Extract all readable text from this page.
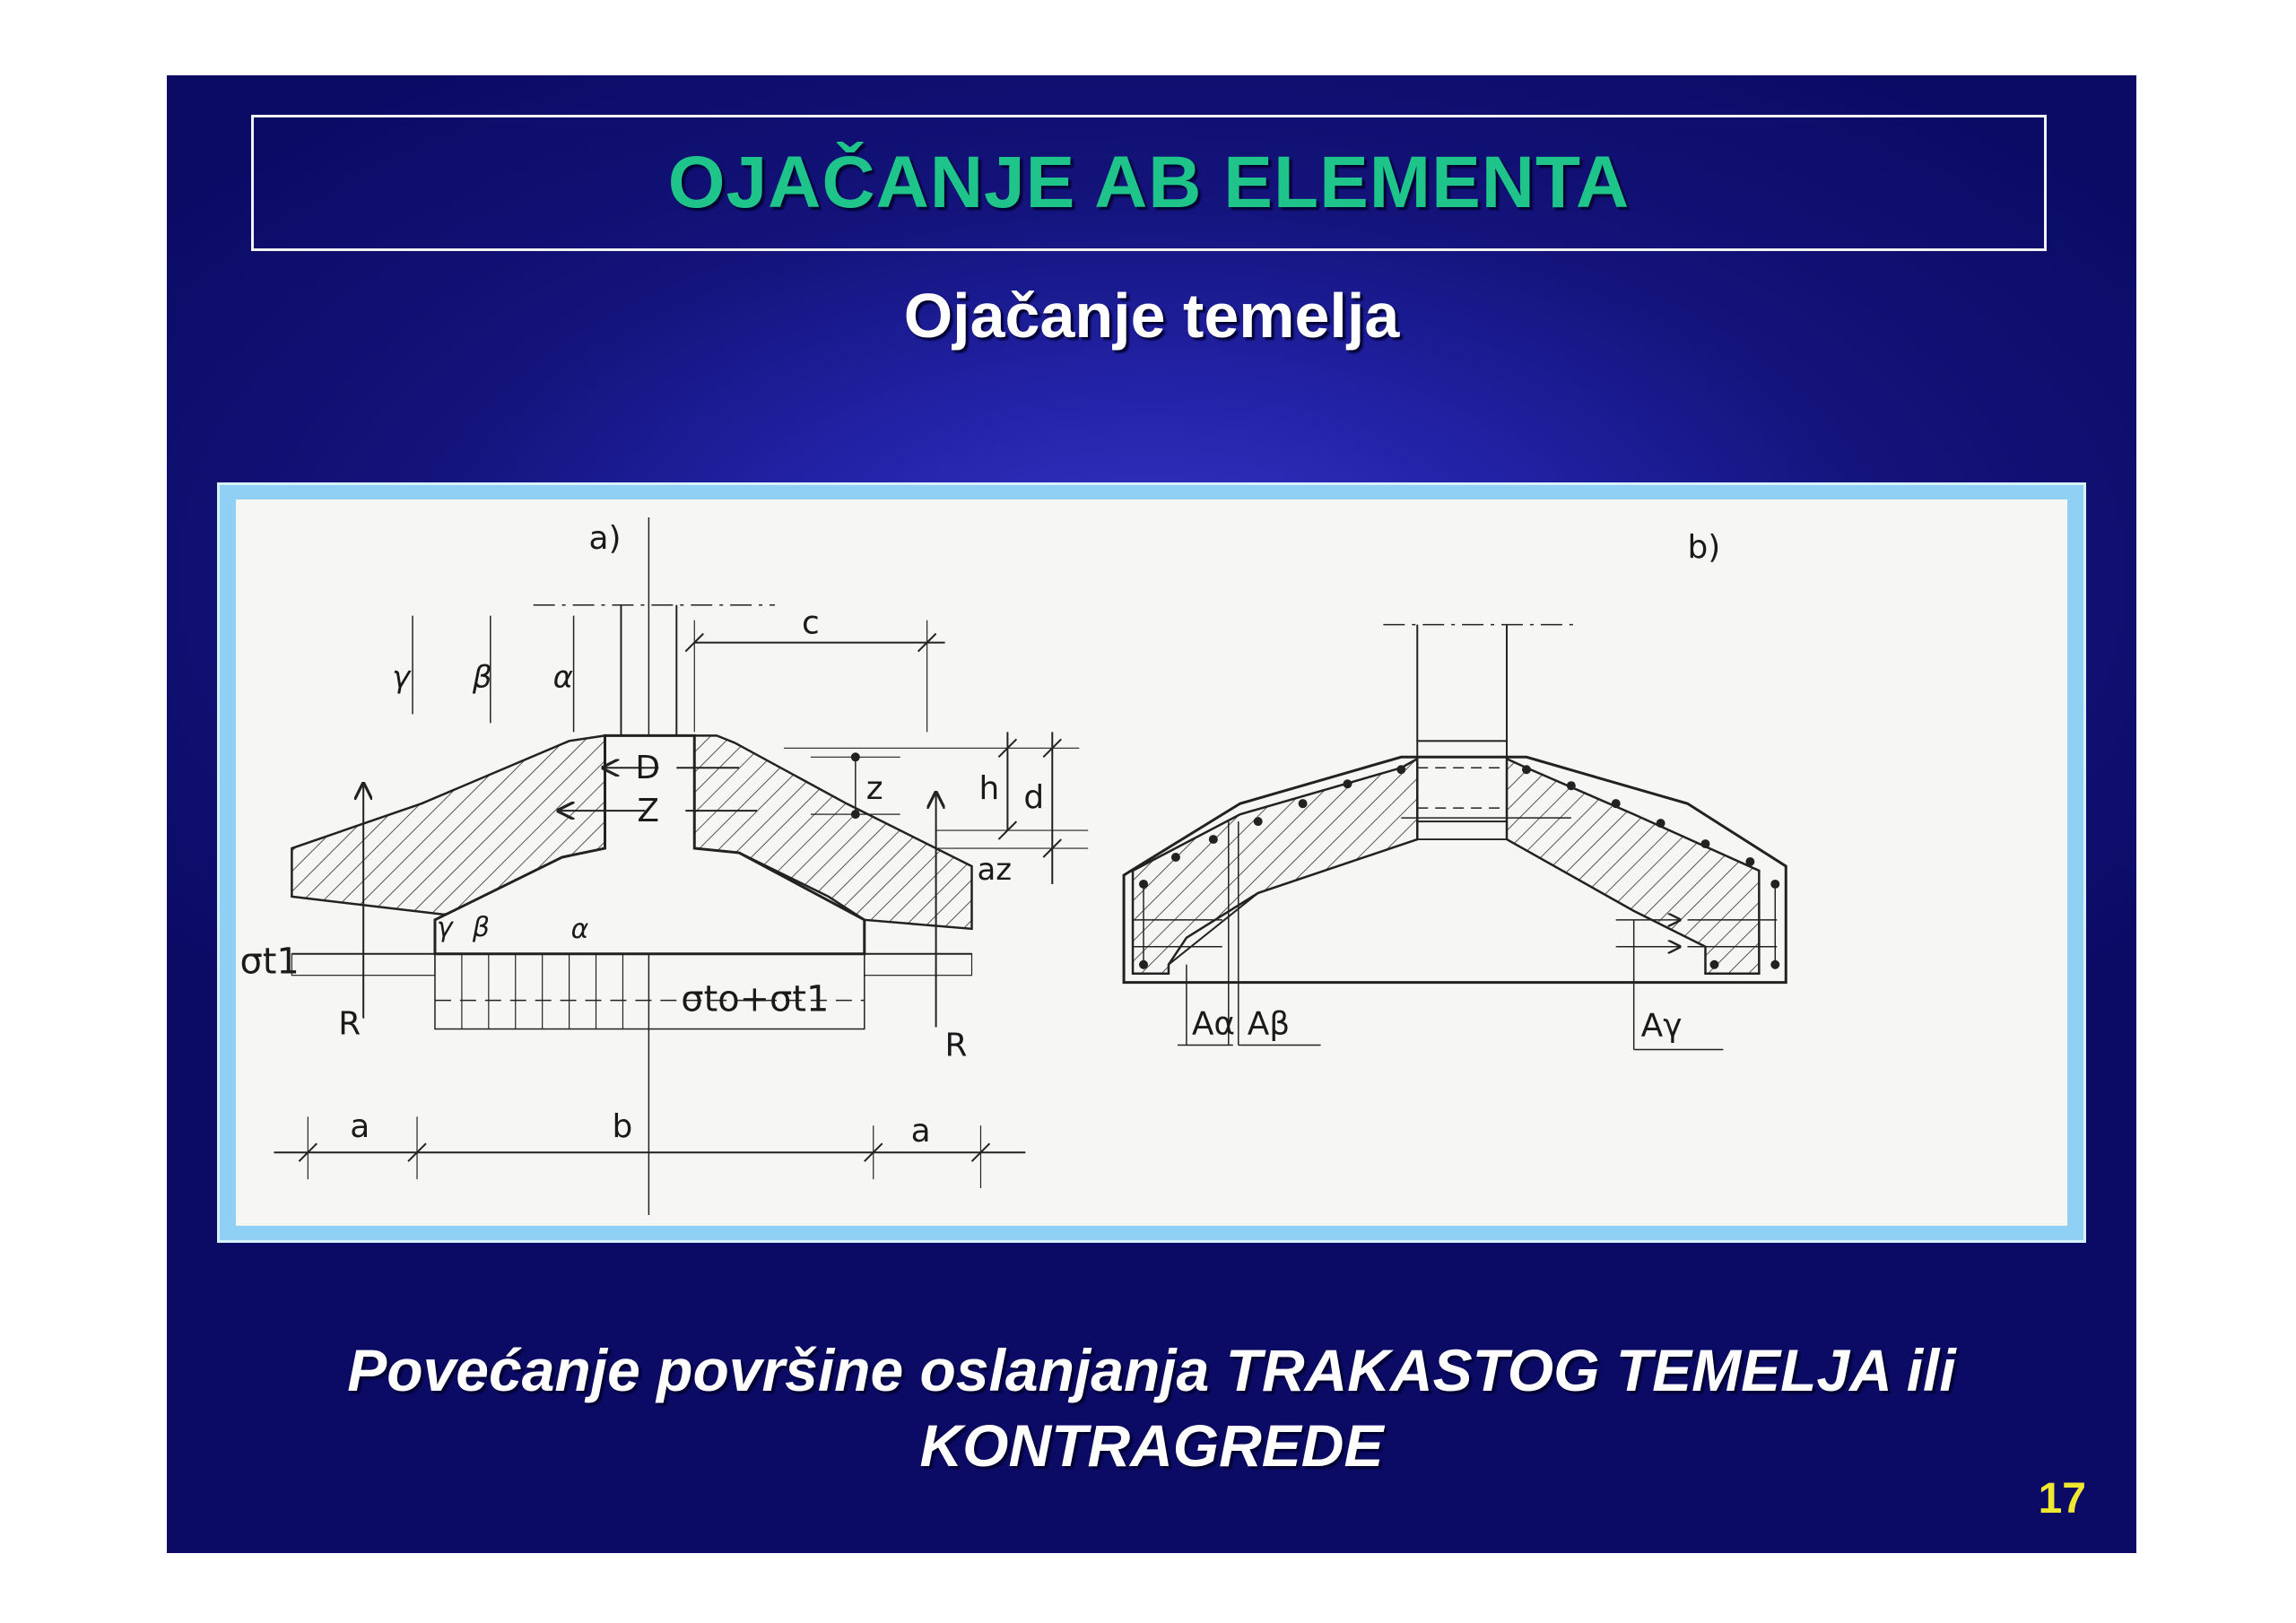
OJAČANJE AB ELEMENTA
Ojačanje temelja
a)
c
γ β α
D
Z
z	h d
az
γ β	α
σt1
σto+σt1
R
R
a	b	a
b)
Aα Aβ	Aγ
Povećanje površine oslanjanja TRAKASTOG TEMELJA ili
KONTRAGREDE
17
